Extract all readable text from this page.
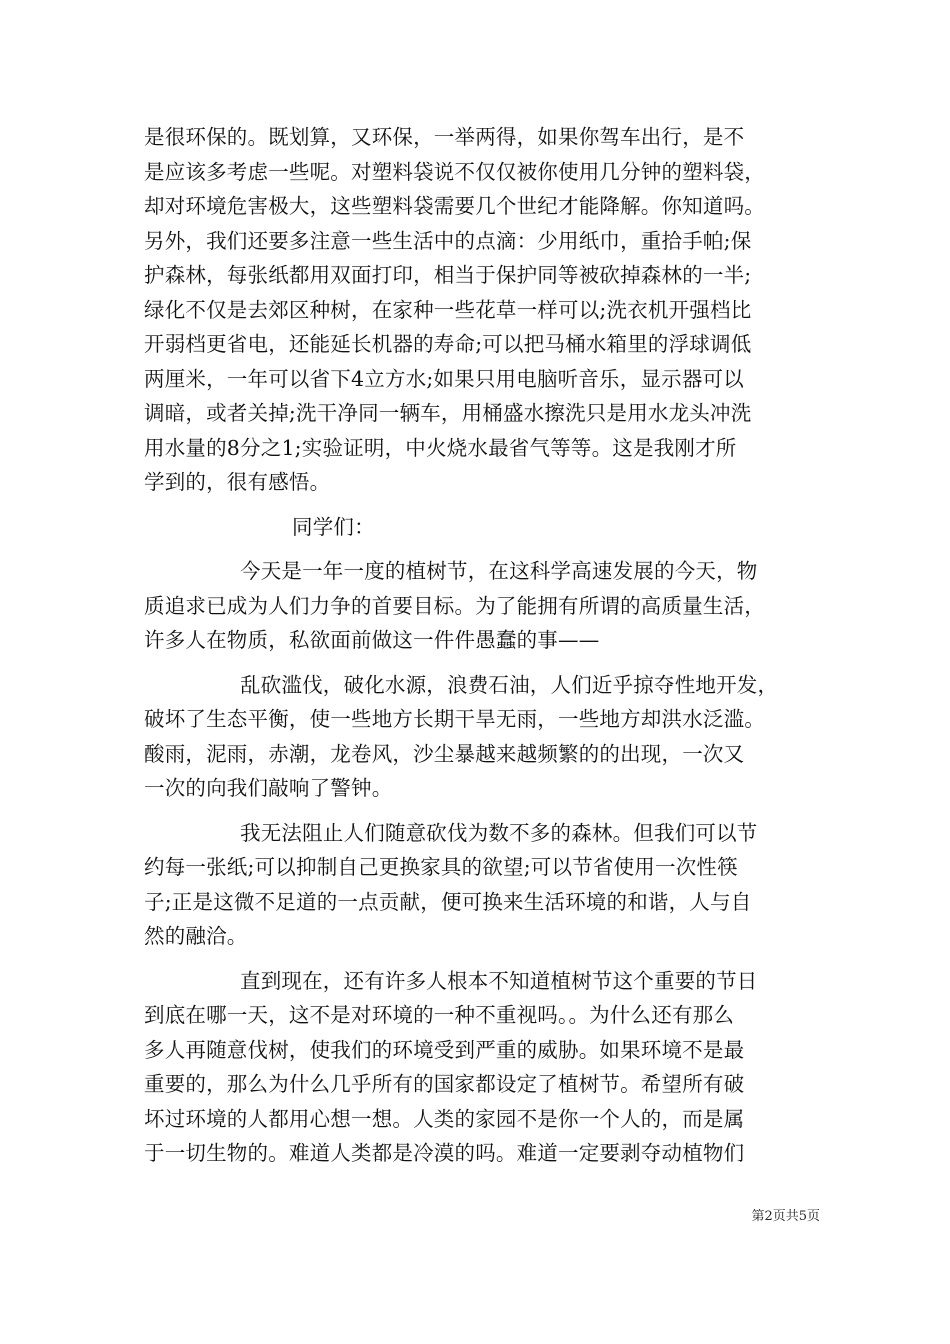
是很环保的。既划算，又环保，一举两得，如果你驾车出行，是不
是应该多考虑一些呢。对塑料袋说不仅仅被你使用几分钟的塑料袋，
却对环境危害极大，这些塑料袋需要几个世纪才能降解。你知道吗。
另外，我们还要多注意一些生活中的点滴：少用纸巾，重拾手帕;保
护森林，每张纸都用双面打印，相当于保护同等被砍掉森林的一半;
绿化不仅是去郊区种树，在家种一些花草一样可以;洗衣机开强档比
开弱档更省电，还能延长机器的寿命;可以把马桶水箱里的浮球调低
两厘米，一年可以省下4立方水;如果只用电脑听音乐，显示器可以
调暗，或者关掉;洗干净同一辆车，用桶盛水擦洗只是用水龙头冲洗
用水量的8分之1;实验证明，中火烧水最省气等等。这是我刚才所
学到的，很有感悟。

同学们：

今天是一年一度的植树节，在这科学高速发展的今天，物
质追求已成为人们力争的首要目标。为了能拥有所谓的高质量生活，
许多人在物质，私欲面前做这一件件愚蠢的事——

乱砍滥伐，破化水源，浪费石油，人们近乎掠夺性地开发，
破坏了生态平衡，使一些地方长期干旱无雨，一些地方却洪水泛滥。
酸雨，泥雨，赤潮，龙卷风，沙尘暴越来越频繁的的出现，一次又
一次的向我们敲响了警钟。

我无法阻止人们随意砍伐为数不多的森林。但我们可以节
约每一张纸;可以抑制自己更换家具的欲望;可以节省使用一次性筷
子;正是这微不足道的一点贡献，便可换来生活环境的和谐，人与自
然的融洽。

直到现在，还有许多人根本不知道植树节这个重要的节日
到底在哪一天，这不是对环境的一种不重视吗。。为什么还有那么
多人再随意伐树，使我们的环境受到严重的威胁。如果环境不是最
重要的，那么为什么几乎所有的国家都设定了植树节。希望所有破
坏过环境的人都用心想一想。人类的家园不是你一个人的，而是属
于一切生物的。难道人类都是冷漠的吗。难道一定要剥夺动植物们

第2页共5页
